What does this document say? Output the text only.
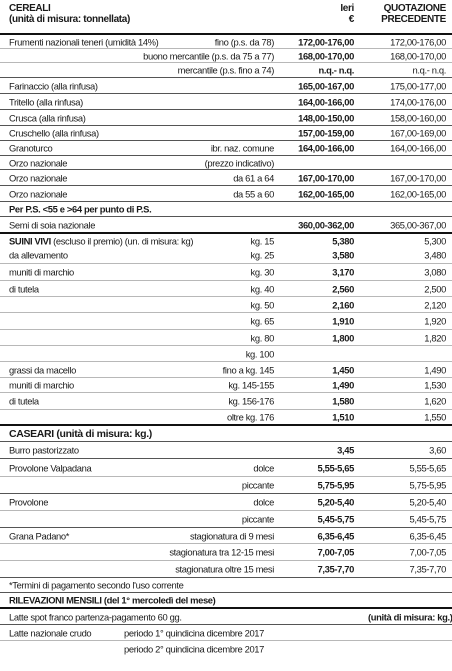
CEREALI
(unità di misura: tonnellata)
Ieri
€
QUOTAZIONE
PRECEDENTE
Frumenti nazionali teneri (umidità 14%)	fino (p.s. da 78)	172,00-176,00	172,00-176,00
buono mercantile (p.s. da 75 a 77)	168,00-170,00	168,00-170,00
mercantile (p.s. fino a 74)	n.q.- n.q.	n.q.- n.q.
Farinaccio (alla rinfusa)	165,00-167,00	175,00-177,00
Tritello (alla rinfusa)	164,00-166,00	174,00-176,00
Crusca (alla rinfusa)	148,00-150,00	158,00-160,00
Cruschello (alla rinfusa)	157,00-159,00	167,00-169,00
Granoturco	ibr. naz. comune	164,00-166,00	164,00-166,00
Orzo nazionale	(prezzo indicativo)
Orzo nazionale	da 61 a 64	167,00-170,00	167,00-170,00
Orzo nazionale	da 55 a 60	162,00-165,00	162,00-165,00
Per P.S. <55 e >64 per punto di P.S.
Semi di soia nazionale	360,00-362,00	365,00-367,00
SUINI VIVI (escluso il premio) (un. di misura: kg)	kg. 15	5,380	5,300
da allevamento	kg. 25	3,580	3,480
muniti di marchio	kg. 30	3,170	3,080
di tutela	kg. 40	2,560	2,500
kg. 50	2,160	2,120
kg. 65	1,910	1,920
kg. 80	1,800	1,820
kg. 100
grassi da macello	fino a kg. 145	1,450	1,490
muniti di marchio	kg. 145-155	1,490	1,530
di tutela	kg. 156-176	1,580	1,620
oltre kg. 176	1,510	1,550
CASEARI (unità di misura: kg.)
Burro pastorizzato	3,45	3,60
Provolone Valpadana	dolce	5,55-5,65	5,55-5,65
piccante	5,75-5,95	5,75-5,95
Provolone	dolce	5,20-5,40	5,20-5,40
piccante	5,45-5,75	5,45-5,75
Grana Padano*	stagionatura di 9 mesi	6,35-6,45	6,35-6,45
stagionatura tra 12-15 mesi	7,00-7,05	7,00-7,05
stagionatura oltre 15 mesi	7,35-7,70	7,35-7,70
*Termini di pagamento secondo l'uso corrente
RILEVAZIONI MENSILI (del 1° mercoledì del mese)
Latte spot franco partenza-pagamento 60 gg.	(unità di misura: kg.)
Latte nazionale crudo	periodo 1° quindicina dicembre 2017
periodo 2° quindicina dicembre 2017
